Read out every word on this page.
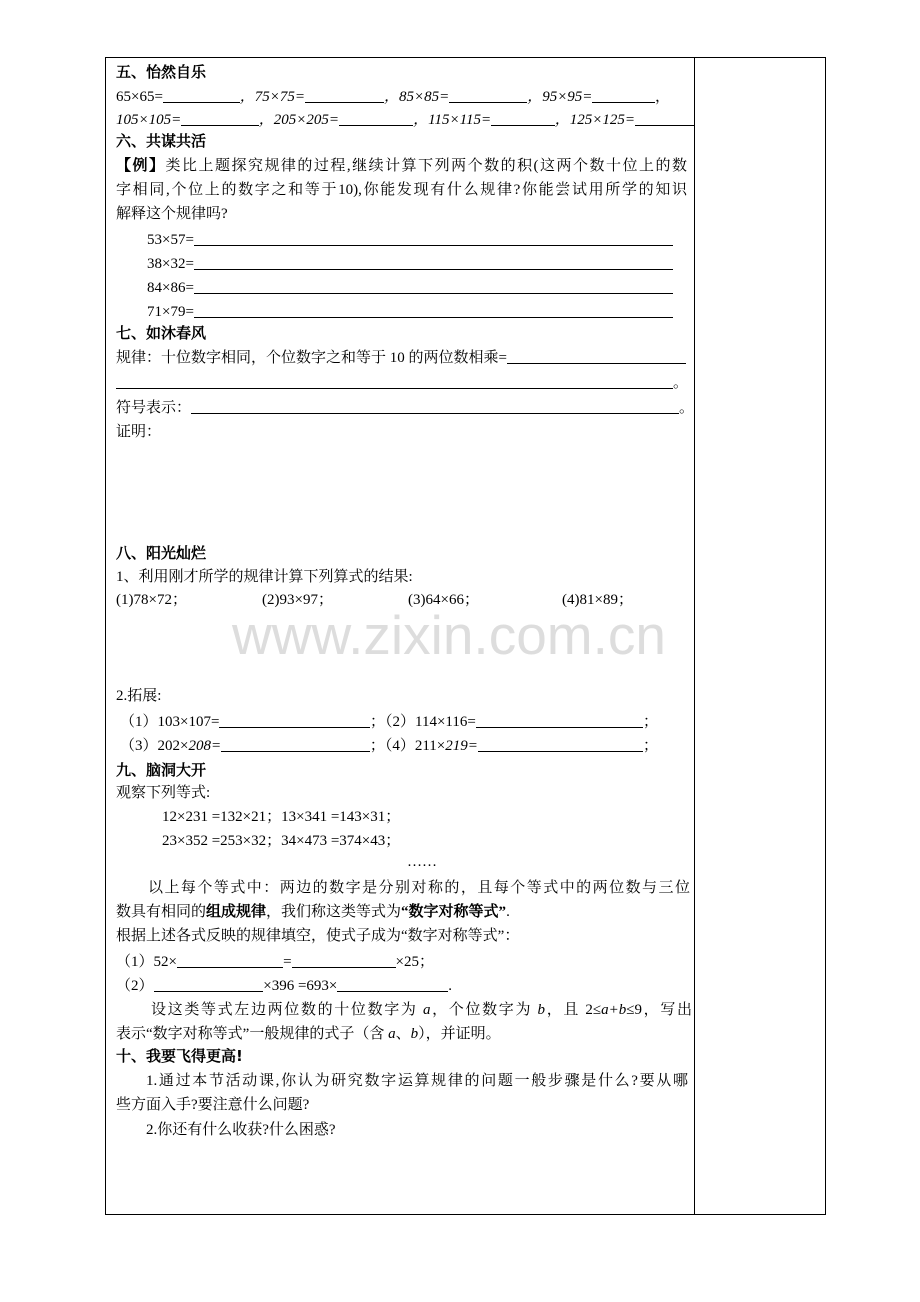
www.zixin.com.cn
五、怡然自乐
65×65=	，75×75=	，85×85=	，95×95=	，
105×105=	，205×205=	，115×115=	，125×125=
六、共谋共活
【例】类比上题探究规律的过程,继续计算下列两个数的积(这两个数十位上的数
字相同,个位上的数字之和等于10),你能发现有什么规律?你能尝试用所学的知识
解释这个规律吗?
53×57=
38×32=
84×86=
71×79=
七、如沐春风
规律：十位数字相同，个位数字之和等于 10 的两位数相乘=
。
符号表示：	。
证明：
八、阳光灿烂
1、利用刚才所学的规律计算下列算式的结果:
(1)78×72；	(2)93×97；	(3)64×66；	(4)81×89；
2.拓展:
（1）103×107=	；（2）114×116=	；
（3）202× 208=	；（4）211× 219=	；
九、脑洞大开
观察下列等式:
12×231 =132×21；13×341 =143×31；
23×352 =253×32；34×473 =374×43；
……
以上每个等式中：两边的数字是分别对称的，且每个等式中的两位数与三位
数具有相同的组成规律，我们称这类等式为“数字对称等式”.
根据上述各式反映的规律填空，使式子成为“数字对称等式”：
（1）52×	=	×25；
（2）	×396 =693×	.
设这类等式左边两位数的十位数字为 a，个位数字为 b，且 2≤a+b≤9，写出
表示“数字对称等式”一般规律的式子（含 a、b），并证明。
十、我要飞得更高!
1.通过本节活动课,你认为研究数字运算规律的问题一般步骤是什么?要从哪
些方面入手?要注意什么问题?
2.你还有什么收获?什么困惑?
